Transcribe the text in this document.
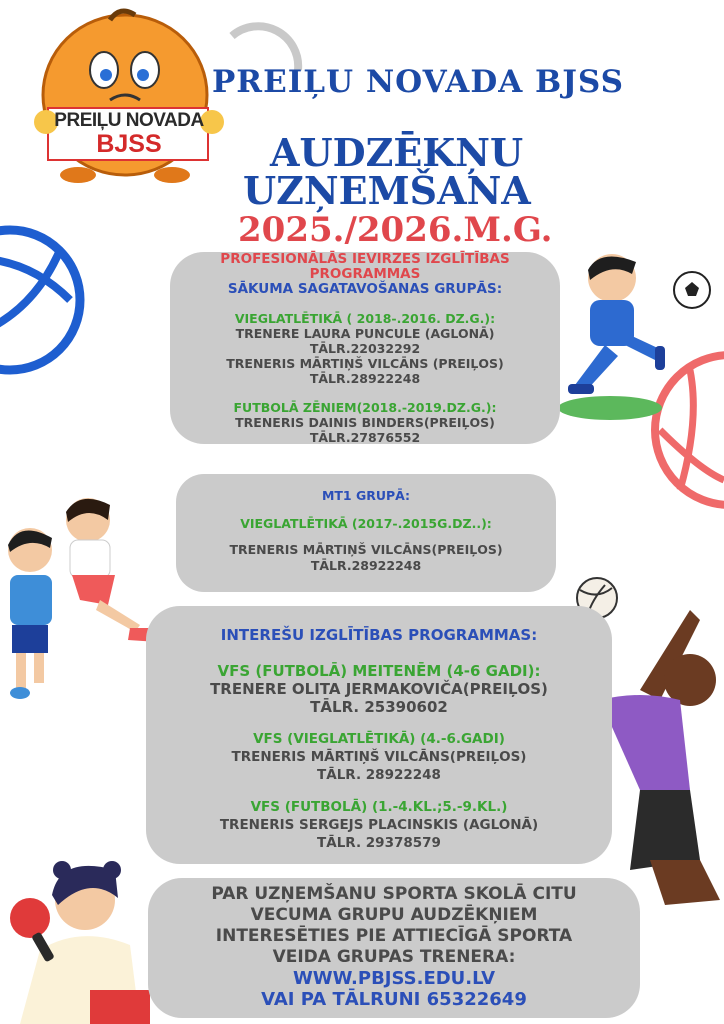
PREIĻU NOVADA
BJSS
PREIĻU NOVADA BJSS
AUDZĒKŅU
UZŅEMŠANA
2025./2026.M.G.
PROFESIONĀLĀS IEVIRZES IZGLĪTĪBAS
PROGRAMMAS
SĀKUMA SAGATAVOŠANAS GRUPĀS:
VIEGLATLĒTIKĀ ( 2018-.2016. DZ.G.):
TRENERE LAURA PUNCULE (AGLONĀ)
TĀLR.22032292
TRENERIS MĀRTIŅŠ VILCĀNS (PREIĻOS)
TĀLR.28922248
FUTBOLĀ ZĒNIEM(2018.-2019.DZ.G.):
TRENERIS DAINIS BINDERS(PREIĻOS)
TĀLR.27876552
MT1 GRUPĀ:
VIEGLATLĒTIKĀ (2017-.2015G.DZ..):
TRENERIS MĀRTIŅŠ VILCĀNS(PREIĻOS)
TĀLR.28922248
INTEREŠU IZGLĪTĪBAS PROGRAMMAS:
VFS (FUTBOLĀ) MEITENĒM (4-6 GADI):
TRENERE OLITA JERMAKOVIČA(PREIĻOS)
TĀLR. 25390602
VFS (VIEGLATLĒTIKĀ) (4.-6.GADI)
TRENERIS MĀRTIŅŠ VILCĀNS(PREIĻOS)
TĀLR. 28922248
VFS (FUTBOLĀ) (1.-4.KL.;5.-9.KL.)
TRENERIS SERGEJS PLACINSKIS (AGLONĀ)
TĀLR. 29378579
PAR UZŅEMŠANU SPORTA SKOLĀ CITU
VECUMA GRUPU AUDZĒKŅIEM
INTERESĒTIES PIE ATTIECĪGĀ SPORTA
VEIDA GRUPAS TRENERA:
WWW.PBJSS.EDU.LV
VAI PA TĀLRUNI 65322649
